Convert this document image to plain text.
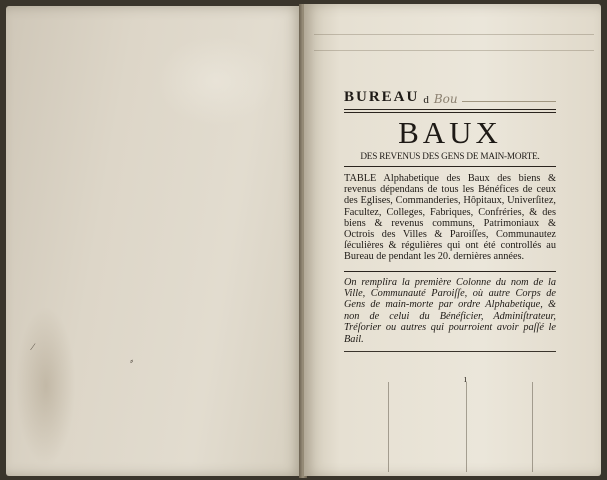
∕
⸗
BUREAU d Bou
BAUX
DES REVENUS DES GENS DE MAIN-MORTE.
TABLE Alphabetique des Baux des biens & revenus dépendans de tous les Bénéfices de ceux des Eglises, Commanderies, Hôpitaux, Univerſitez, Facultez, Colleges, Fabriques, Confréries, & des biens & revenus communs, Patrimoniaux & Octrois des Villes & Paroiſſes, Communautez ſéculières & régulières qui ont été controllés au Bureau de pendant les 20. dernières années.
On remplira la première Colonne du nom de la Ville, Communauté Paroiſſe, où autre Corps de Gens de main-morte par ordre Alphabetique, & non de celui du Bénéficier, Adminiſtrateur, Tréſorier ou autres qui pourroient avoir paſſé le Bail.
ı
